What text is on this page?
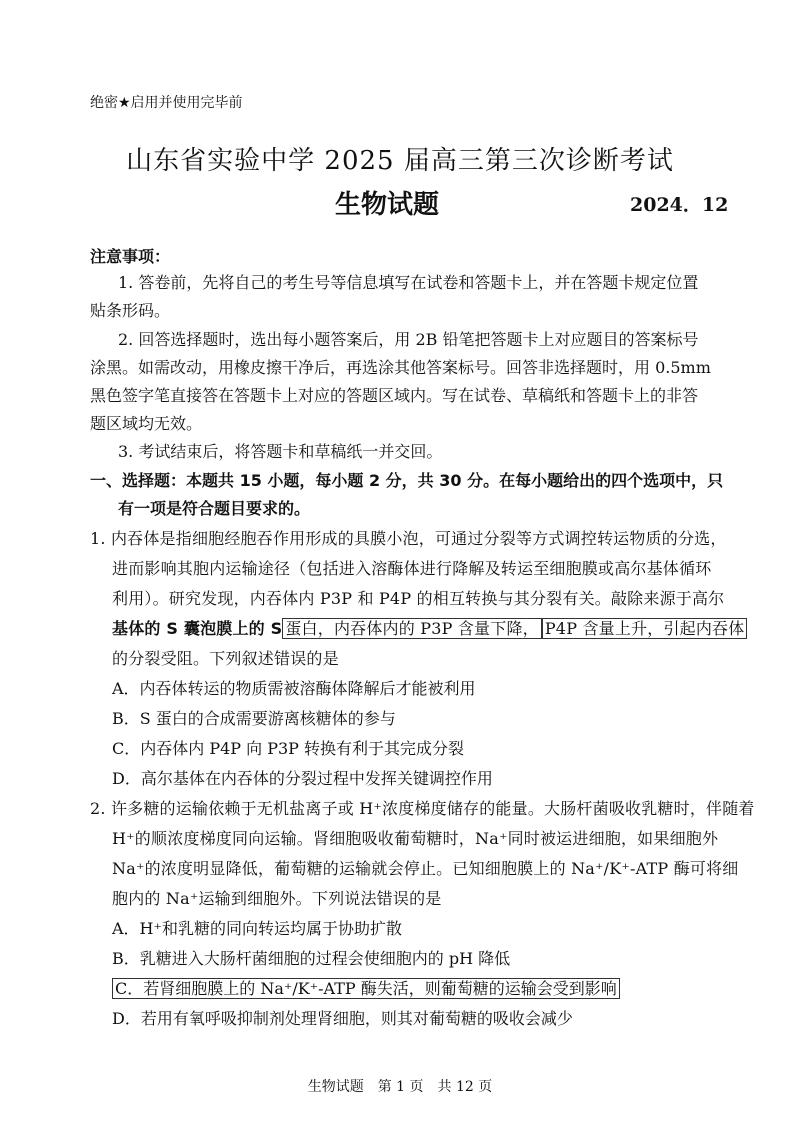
绝密★启用并使用完毕前
山东省实验中学 2025 届高三第三次诊断考试
生物试题	2024．12
注意事项：
1. 答卷前，先将自己的考生号等信息填写在试卷和答题卡上，并在答题卡规定位置
贴条形码。
2. 回答选择题时，选出每小题答案后，用 2B 铅笔把答题卡上对应题目的答案标号
涂黑。如需改动，用橡皮擦干净后，再选涂其他答案标号。回答非选择题时，用 0.5mm
黑色签字笔直接答在答题卡上对应的答题区域内。写在试卷、草稿纸和答题卡上的非答
题区域均无效。
3. 考试结束后，将答题卡和草稿纸一并交回。
一、选择题：本题共 15 小题，每小题 2 分，共 30 分。在每小题给出的四个选项中，只
有一项是符合题目要求的。
1. 内吞体是指细胞经胞吞作用形成的具膜小泡，可通过分裂等方式调控转运物质的分选，
进而影响其胞内运输途径（包括进入溶酶体进行降解及转运至细胞膜或高尔基体循环
利用）。研究发现，内吞体内 P3P 和 P4P 的相互转换与其分裂有关。敲除来源于高尔
基体的 S 囊泡膜上的 S 蛋白，内吞体内的 P3P 含量下降， P4P 含量上升，引起内吞体
的分裂受阻。下列叙述错误的是
A．内吞体转运的物质需被溶酶体降解后才能被利用
B．S 蛋白的合成需要游离核糖体的参与
C．内吞体内 P4P 向 P3P 转换有利于其完成分裂
D．高尔基体在内吞体的分裂过程中发挥关键调控作用
2. 许多糖的运输依赖于无机盐离子或 H⁺浓度梯度储存的能量。大肠杆菌吸收乳糖时，伴随着
H⁺的顺浓度梯度同向运输。肾细胞吸收葡萄糖时，Na⁺同时被运进细胞，如果细胞外
Na⁺的浓度明显降低，葡萄糖的运输就会停止。已知细胞膜上的 Na⁺/K⁺-ATP 酶可将细
胞内的 Na⁺运输到细胞外。下列说法错误的是
A．H⁺和乳糖的同向转运均属于协助扩散
B．乳糖进入大肠杆菌细胞的过程会使细胞内的 pH 降低
C．若肾细胞膜上的 Na⁺/K⁺-ATP 酶失活，则葡萄糖的运输会受到影响
D．若用有氧呼吸抑制剂处理肾细胞，则其对葡萄糖的吸收会减少
生物试题　第 1 页　共 12 页
